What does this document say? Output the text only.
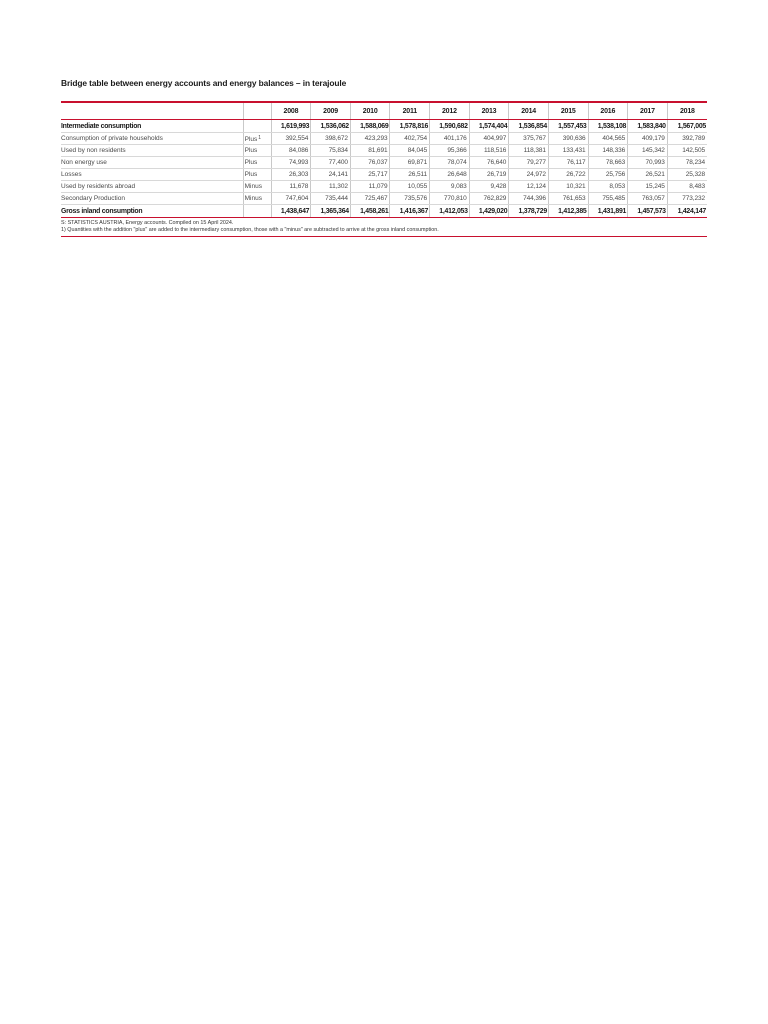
Bridge table between energy accounts and energy balances – in terajoule
		2008	2009	2010	2011	2012	2013	2014	2015	2016	2017	2018
Intermediate consumption		1,619,993	1,536,062	1,588,069	1,578,816	1,590,682	1,574,404	1,536,854	1,557,453	1,538,108	1,583,840	1,567,005
Consumption of private households	Plus$^1$	392,554	398,672	423,293	402,754	401,176	404,997	375,767	390,636	404,565	409,179	392,789
Used by non residents	Plus	84,086	75,834	81,691	84,045	95,366	118,516	118,381	133,431	148,336	145,342	142,505
Non energy use	Plus	74,993	77,400	76,037	69,871	78,074	76,640	79,277	76,117	78,663	70,993	78,234
Losses	Plus	26,303	24,141	25,717	26,511	26,648	26,719	24,972	26,722	25,756	26,521	25,328
Used by residents abroad	Minus	11,678	11,302	11,079	10,055	9,083	9,428	12,124	10,321	8,053	15,245	8,483
Secondary Production	Minus	747,604	735,444	725,467	735,576	770,810	762,829	744,396	761,653	755,485	763,057	773,232
Gross inland consumption		1,438,647	1,365,364	1,458,261	1,416,367	1,412,053	1,429,020	1,378,729	1,412,385	1,431,891	1,457,573	1,424,147
S: STATISTICS AUSTRIA, Energy accounts. Compiled on 15 April 2024.
1) Quantities with the addition "plus" are added to the intermediary consumption, those with a "minus" are subtracted to arrive at the gross inland consumption.
